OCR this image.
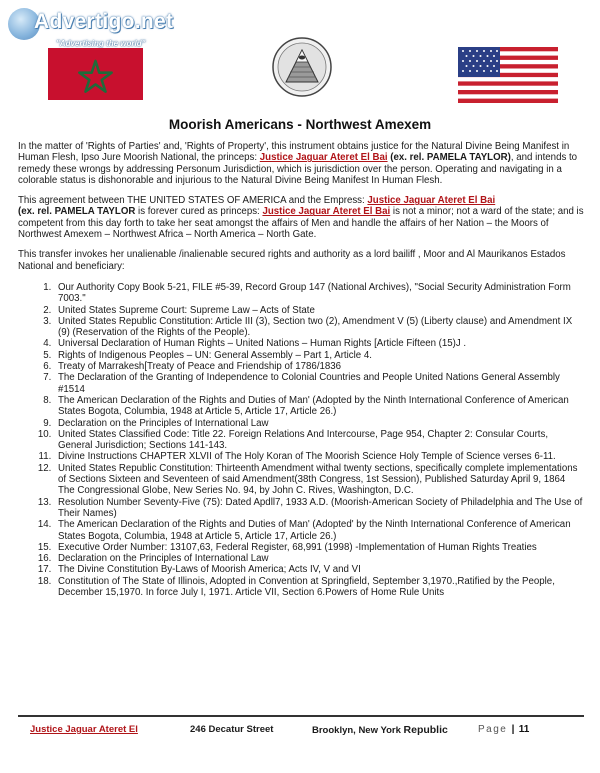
Advertigo.net
"Advertising the world"
Moorish Americans - Northwest Amexem

In the matter of 'Rights of Parties' and, 'Rights of Property', this instrument obtains justice for the Natural Divine Being Manifest in Human Flesh, Ipso Jure Moorish National, the princeps: Justice Jaguar Ateret El Bai (ex. rel. PAMELA TAYLOR), and intends to remedy these wrongs by addressing Personum Jurisdiction, which is jurisdiction over the person. Operating and navigating in a colorable status is dishonorable and injurious to the Natural Divine Being Manifest In Human Flesh.

This agreement between THE UNITED STATES OF AMERICA and the Empress: Justice Jaguar Ateret El Bai
(ex. rel. PAMELA TAYLOR is forever cured as princeps: Justice Jaguar Ateret El Bai is not a minor; not a ward of the state; and is competent from this day forth to take her seat amongst the affairs of Men and handle the affairs of her Nation – the Moors of Northwest Amexem – Northwest Africa – North America – North Gate.

This transfer invokes her unalienable /inalienable secured rights and authority as a lord bailiff , Moor and Al Maurikanos Estados National and beneficiary:

1. Our Authority Copy Book 5-21, FILE #5-39, Record Group 147 (National Archives), "Social Security Administration Form 7003."
2. United States Supreme Court: Supreme Law – Acts of State
3. United States Republic Constitution: Article III (3), Section two (2), Amendment V (5) (Liberty clause) and Amendment IX (9) (Reservation of the Rights of the People).
4. Universal Declaration of Human Rights – United Nations – Human Rights [Article Fifteen (15)J .
5. Rights of Indigenous Peoples – UN: General Assembly – Part 1, Article 4.
6. Treaty of Marrakesh[Treaty of Peace and Friendship of 1786/1836
7. The Declaration of the Granting of Independence to Colonial Countries and People United Nations General Assembly #1514
8. The American Declaration of the Rights and Duties of Man' (Adopted by the Ninth International Conference of American States Bogota, Columbia, 1948 at Article 5, Article 17, Article 26.)
9. Declaration on the Principles of International Law
10. United States Classified Code: Title 22. Foreign Relations And Intercourse, Page 954, Chapter 2: Consular Courts, General Jurisdiction; Sections 141-143.
11. Divine Instructions CHAPTER XLVII of The Holy Koran of The Moorish Science Holy Temple of Science verses 6-11.
12. United States Republic Constitution: Thirteenth Amendment withal twenty sections, specifically complete implementations of Sections Sixteen and Seventeen of said Amendment(38th Congress, 1st Session), Published Saturday April 9, 1864 The Congressional Globe, New Series No. 94, by John C. Rives, Washington, D.C.
13. Resolution Number Seventy-Five (75): Dated Apdll7, 1933 A.D. (Moorish-American Society of Philadelphia and The Use of Their Names)
14. The American Declaration of the Rights and Duties of Man' (Adopted' by the Ninth International Conference of American States Bogota, Columbia, 1948 at Article 5, Article 17, Article 26.)
15. Executive Order Number: 13107,63, Federal Register, 68,991 (1998) -Implementation of Human Rights Treaties
16. Declaration on the Principles of International Law
17. The Divine Constitution By-Laws of Moorish America; Acts IV, V and VI
18. Constitution of The State of Illinois, Adopted in Convention at Springfield, September 3,1970.,Ratified by the People, December 15,1970. In force July I, 1971. Article VII, Section 6.Powers of Home Rule Units
Justice Jaguar Ateret El	246 Decatur Street	Brooklyn, New York Republic	Page | 11
